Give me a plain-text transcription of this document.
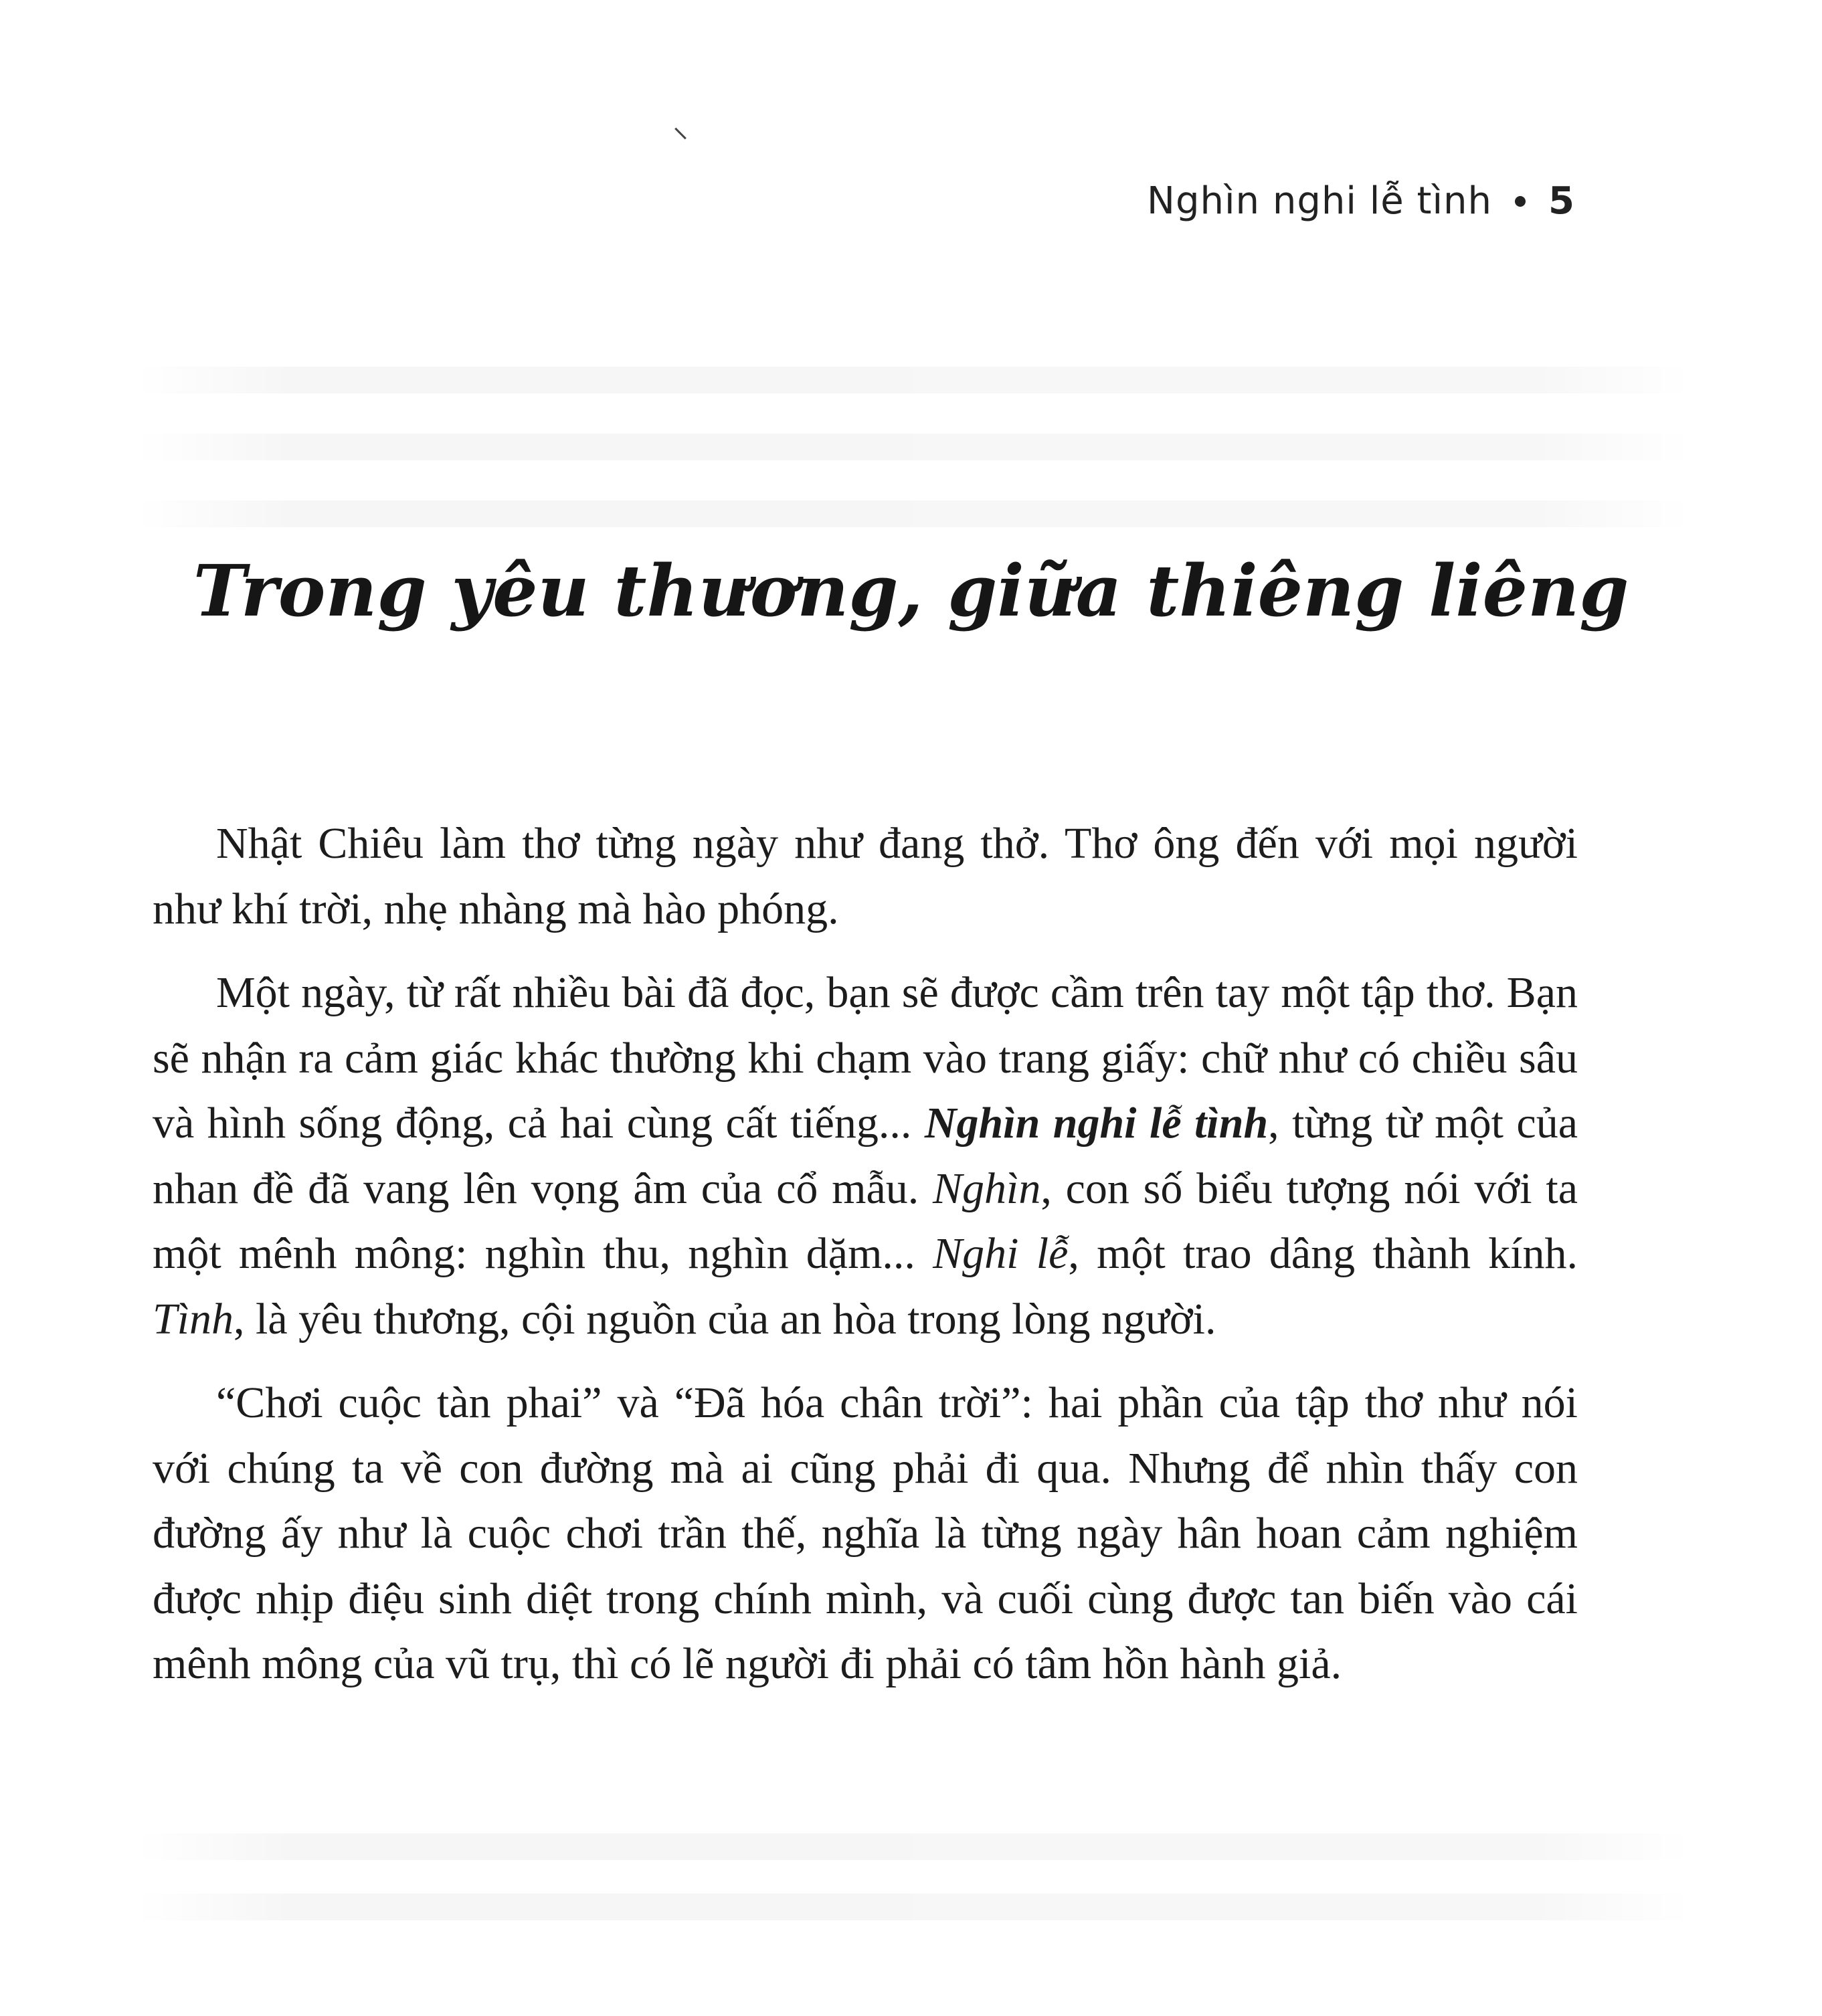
Nghìn nghi lễ tình 5
Trong yêu thương, giữa thiêng liêng

Nhật Chiêu làm thơ từng ngày như đang thở. Thơ ông đến với mọi người như khí trời, nhẹ nhàng mà hào phóng.

Một ngày, từ rất nhiều bài đã đọc, bạn sẽ được cầm trên tay một tập thơ. Bạn sẽ nhận ra cảm giác khác thường khi chạm vào trang giấy: chữ như có chiều sâu và hình sống động, cả hai cùng cất tiếng... Nghìn nghi lễ tình, từng từ một của nhan đề đã vang lên vọng âm của cổ mẫu. Nghìn, con số biểu tượng nói với ta một mênh mông: nghìn thu, nghìn dặm... Nghi lễ, một trao dâng thành kính. Tình, là yêu thương, cội nguồn của an hòa trong lòng người.

“Chơi cuộc tàn phai” và “Đã hóa chân trời”: hai phần của tập thơ như nói với chúng ta về con đường mà ai cũng phải đi qua. Nhưng để nhìn thấy con đường ấy như là cuộc chơi trần thế, nghĩa là từng ngày hân hoan cảm nghiệm được nhịp điệu sinh diệt trong chính mình, và cuối cùng được tan biến vào cái mênh mông của vũ trụ, thì có lẽ người đi phải có tâm hồn hành giả.
